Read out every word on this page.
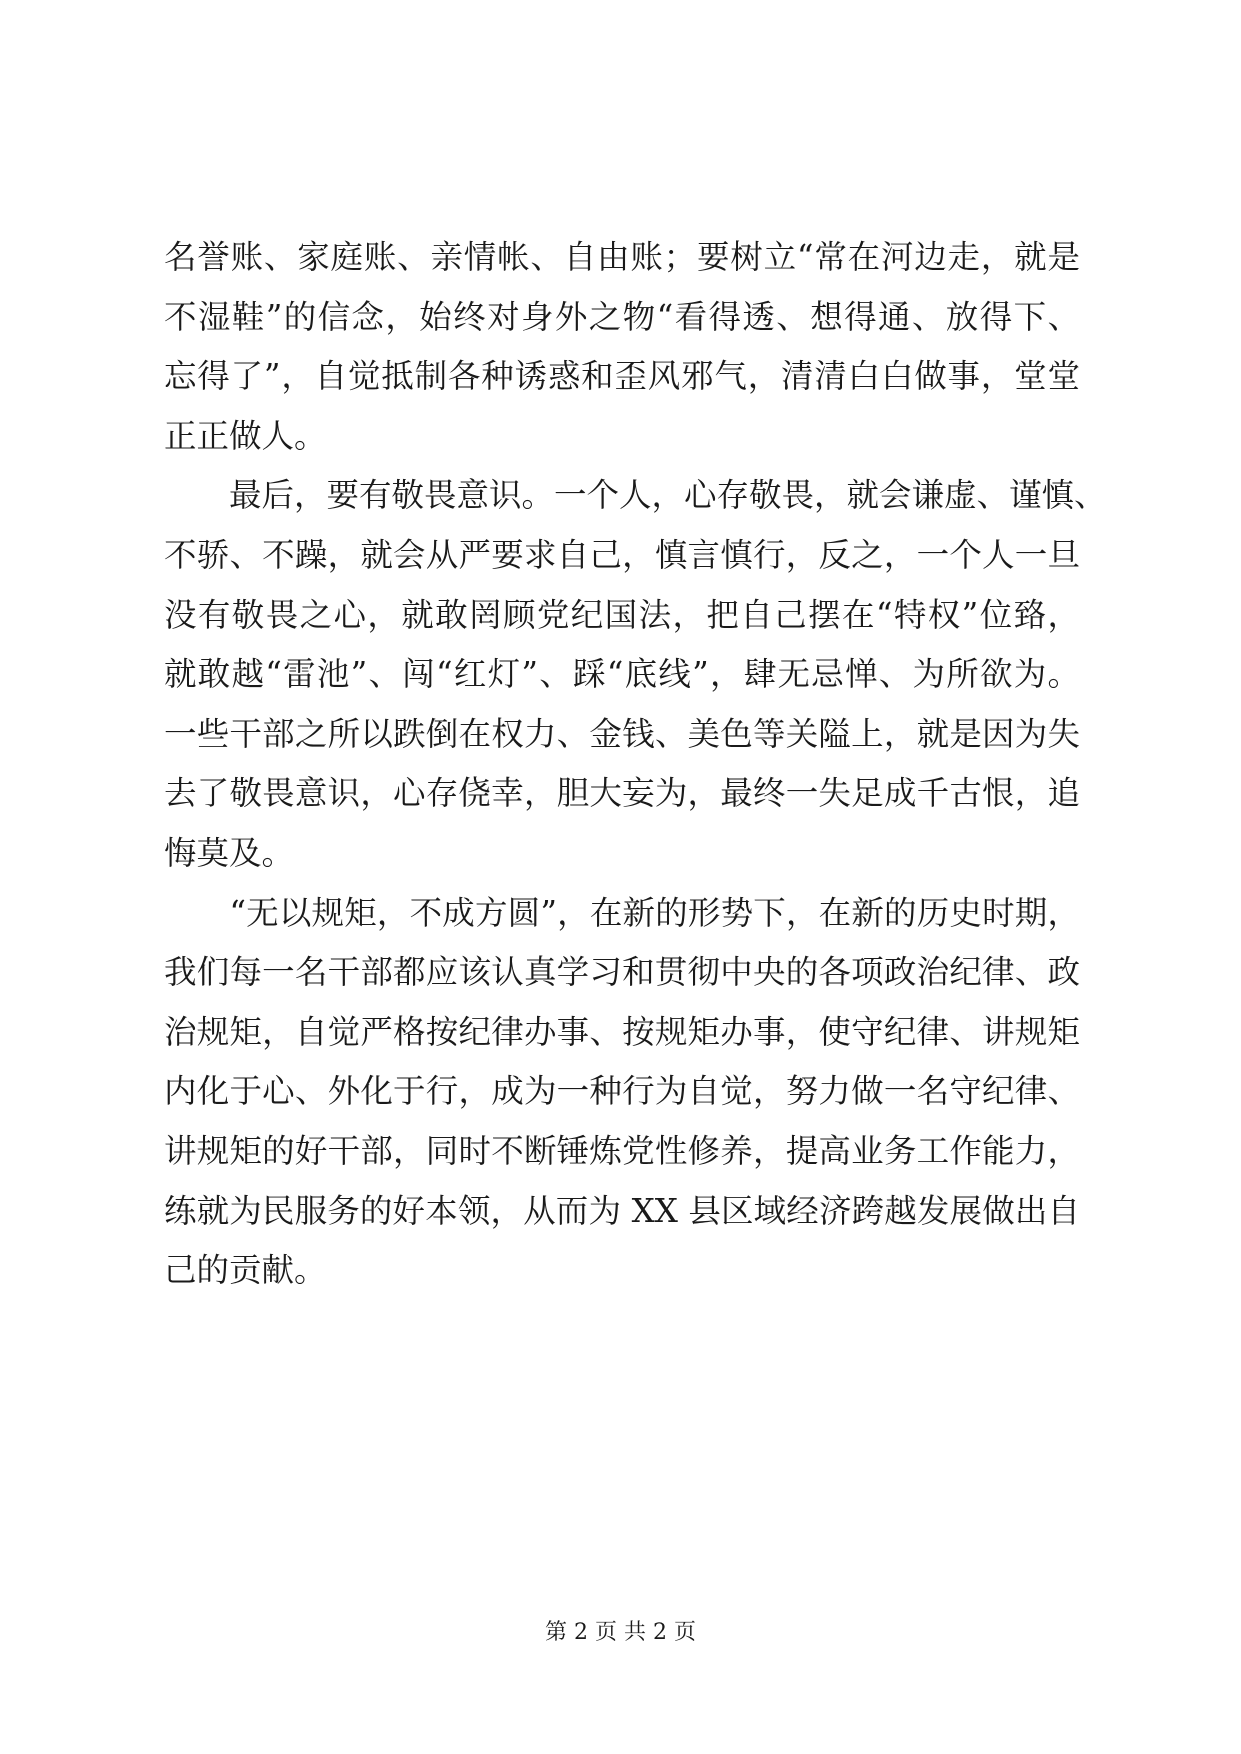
名誉账、家庭账、亲情帐、自由账；要树立“常在河边走，就是
不湿鞋”的信念，始终对身外之物“看得透、想得通、放得下、
忘得了”，自觉抵制各种诱惑和歪风邪气，清清白白做事，堂堂
正正做人。
　　最后，要有敬畏意识。一个人，心存敬畏，就会谦虚、谨慎、
不骄、不躁，就会从严要求自己，慎言慎行，反之，一个人一旦
没有敬畏之心，就敢罔顾党纪国法，把自己摆在“特权”位臵，
就敢越“雷池”、闯“红灯”、踩“底线”，肆无忌惮、为所欲为。
一些干部之所以跌倒在权力、金钱、美色等关隘上，就是因为失
去了敬畏意识，心存侥幸，胆大妄为，最终一失足成千古恨，追
悔莫及。
　　“无以规矩，不成方圆”，在新的形势下，在新的历史时期，
我们每一名干部都应该认真学习和贯彻中央的各项政治纪律、政
治规矩，自觉严格按纪律办事、按规矩办事，使守纪律、讲规矩
内化于心、外化于行，成为一种行为自觉，努力做一名守纪律、
讲规矩的好干部，同时不断锤炼党性修养，提高业务工作能力，
练就为民服务的好本领，从而为 XX 县区域经济跨越发展做出自
己的贡献。
第 2 页 共 2 页
